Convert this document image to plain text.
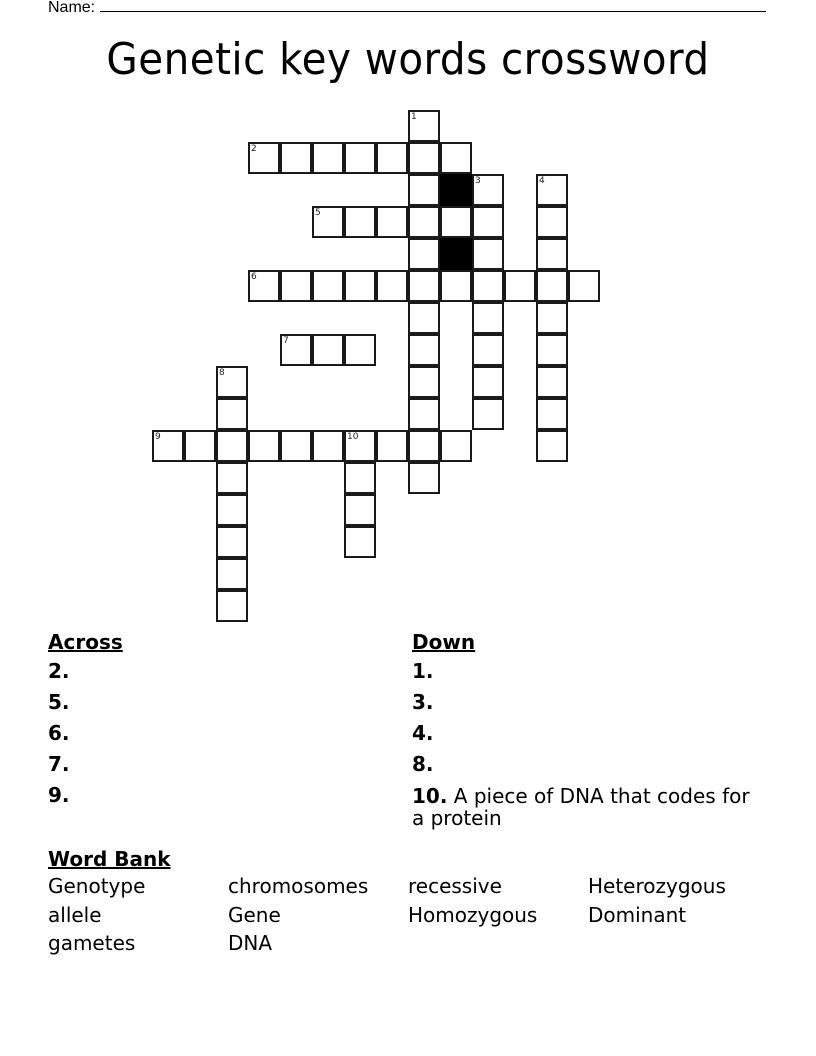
Name:
Genetic key words crossword
1
2
3	4
5
6
7
8
9	10
Across
2.
5.
6.
7.
9.
Down
1.
3.
4.
8.
10. A piece of DNA that codes for a protein
Word Bank
Genotype	chromosomes	recessive	Heterozygous
allele	Gene	Homozygous	Dominant
gametes	DNA
